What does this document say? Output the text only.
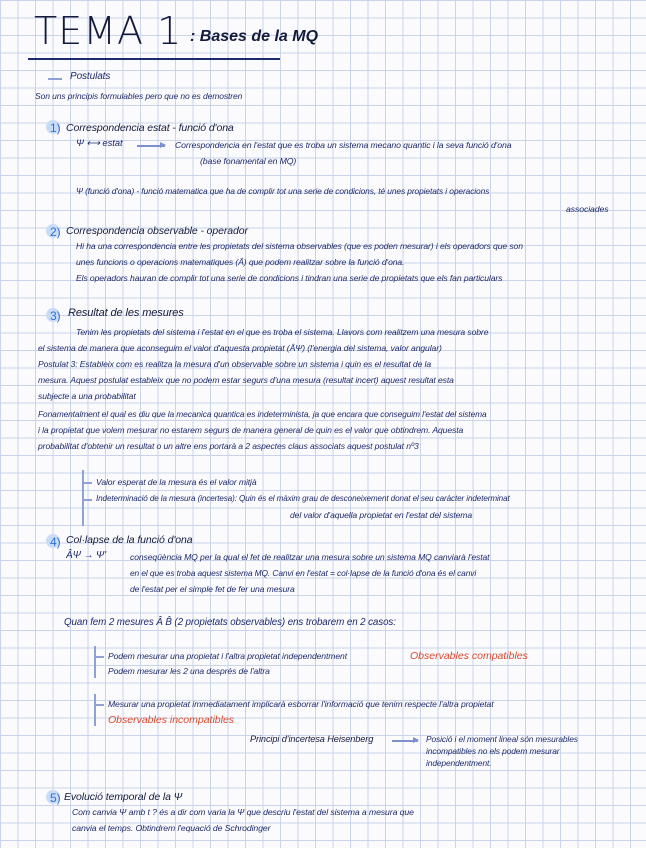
TEMA 1 : Bases de la MQ
Postulats
Son uns principis formulables pero que no es demostren
1) Correspondencia estat - funció d'ona
Ψ ⟷ estat	Correspondencia en l'estat que es troba un sistema mecano quantic i la seva funció d'ona
(base fonamental en MQ)
Ψ (funció d'ona) - funció matematica que ha de complir tot una serie de condicions, té unes propietats i operacions
associades
2) Correspondencia observable - operador
Hi ha una correspondencia entre les propietats del sistema observables (que es poden mesurar) i els operadors que son
unes funcions o operacions matematiques (Â) que podem realitzar sobre la funció d'ona.
Els operadors hauran de complir tot una serie de condicions i tindran una serie de propietats que els fan particulars
3) Resultat de les mesures
Tenim les propietats del sistema i l'estat en el que es troba el sistema. Llavors com realitzem una mesura sobre
el sistema de manera que aconseguim el valor d'aquesta propietat (ÂΨ) (l'energia del sistema, valor angular)
Postulat 3: Estableix com es realitza la mesura d'un observable sobre un sistema i quin es el resultat de la
mesura. Aquest postulat estableix que no podem estar segurs d'una mesura (resultat incert) aquest resultat esta
subjecte a una probabilitat
Fonamentalment el qual es diu que la mecanica quantica es indeterminista, ja que encara que conseguim l'estat del sistema
i la propietat que volem mesurar no estarem segurs de manera general de quin es el valor que obtindrem. Aquesta
probabilitat d'obtenir un resultat o un altre ens portarà a 2 aspectes claus associats aquest postulat nº3
Valor esperat de la mesura és el valor mitjà
Indeterminació de la mesura (incertesa): Quin és el màxim grau de desconeixement donat el seu caràcter indeterminat
del valor d'aquella propietat en l'estat del sistema
4) Col·lapse de la funció d'ona
ÂΨ → Ψ'	conseqüència MQ per la qual el fet de realitzar una mesura sobre un sistema MQ canviarà l'estat
en el que es troba aquest sistema MQ. Canvi en l'estat = col·lapse de la funció d'ona és el canvi
de l'estat per el simple fet de fer una mesura
Quan fem 2 mesures Â B̂ (2 propietats observables) ens trobarem en 2 casos:
Podem mesurar una propietat i l'altra propietat independentment	Observables compatibles
Podem mesurar les 2 una després de l'altra
Mesurar una propietat immediatament implicarà esborrar l'informació que tenim respecte l'altra propietat
Observables incompatibles
Principi d'incertesa Heisenberg	Posició i el moment lineal són mesurables incompatibles no els podem mesurar independentment.
5) Evolució temporal de la Ψ
Com canvia Ψ amb t ? és a dir com varia la Ψ que descriu l'estat del sistema a mesura que
canvia el temps. Obtindrem l'equació de Schrodinger
